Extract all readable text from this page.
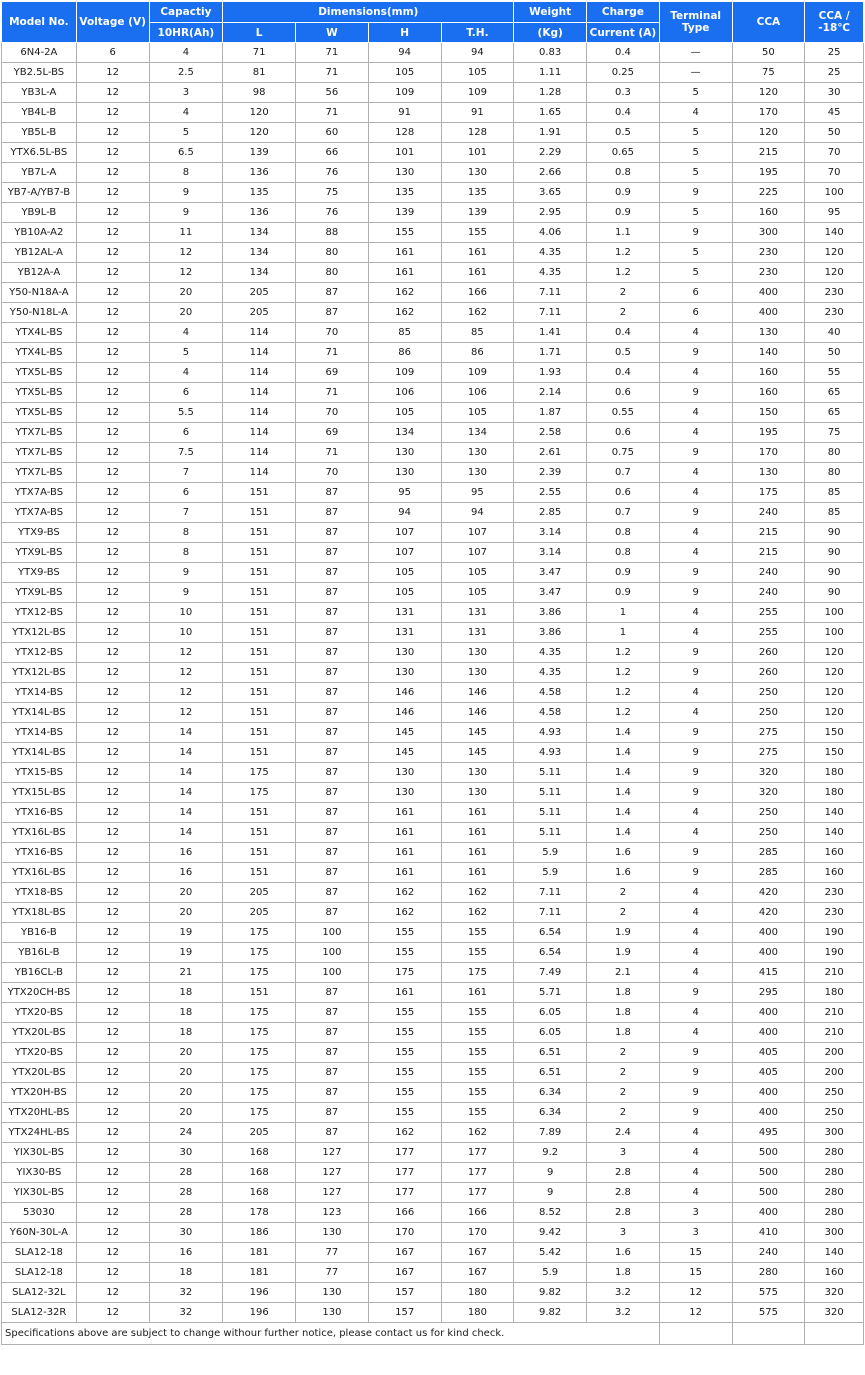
Model No.	Voltage (V)	Capactiy	Dimensions(mm)				Weight	Charge	Terminal Type	CCA	CCA / -18℃
		10HR(Ah)	L	W	H	T.H.	(Kg)	Current (A)			
6N4-2A	6	4	71	71	94	94	0.83	0.4	—	50	25
YB2.5L-BS	12	2.5	81	71	105	105	1.11	0.25	—	75	25
YB3L-A	12	3	98	56	109	109	1.28	0.3	5	120	30
YB4L-B	12	4	120	71	91	91	1.65	0.4	4	170	45
YB5L-B	12	5	120	60	128	128	1.91	0.5	5	120	50
YTX6.5L-BS	12	6.5	139	66	101	101	2.29	0.65	5	215	70
YB7L-A	12	8	136	76	130	130	2.66	0.8	5	195	70
YB7-A/YB7-B	12	9	135	75	135	135	3.65	0.9	9	225	100
YB9L-B	12	9	136	76	139	139	2.95	0.9	5	160	95
YB10A-A2	12	11	134	88	155	155	4.06	1.1	9	300	140
YB12AL-A	12	12	134	80	161	161	4.35	1.2	5	230	120
YB12A-A	12	12	134	80	161	161	4.35	1.2	5	230	120
Y50-N18A-A	12	20	205	87	162	166	7.11	2	6	400	230
Y50-N18L-A	12	20	205	87	162	162	7.11	2	6	400	230
YTX4L-BS	12	4	114	70	85	85	1.41	0.4	4	130	40
YTX4L-BS	12	5	114	71	86	86	1.71	0.5	9	140	50
YTX5L-BS	12	4	114	69	109	109	1.93	0.4	4	160	55
YTX5L-BS	12	6	114	71	106	106	2.14	0.6	9	160	65
YTX5L-BS	12	5.5	114	70	105	105	1.87	0.55	4	150	65
YTX7L-BS	12	6	114	69	134	134	2.58	0.6	4	195	75
YTX7L-BS	12	7.5	114	71	130	130	2.61	0.75	9	170	80
YTX7L-BS	12	7	114	70	130	130	2.39	0.7	4	130	80
YTX7A-BS	12	6	151	87	95	95	2.55	0.6	4	175	85
YTX7A-BS	12	7	151	87	94	94	2.85	0.7	9	240	85
YTX9-BS	12	8	151	87	107	107	3.14	0.8	4	215	90
YTX9L-BS	12	8	151	87	107	107	3.14	0.8	4	215	90
YTX9-BS	12	9	151	87	105	105	3.47	0.9	9	240	90
YTX9L-BS	12	9	151	87	105	105	3.47	0.9	9	240	90
YTX12-BS	12	10	151	87	131	131	3.86	1	4	255	100
YTX12L-BS	12	10	151	87	131	131	3.86	1	4	255	100
YTX12-BS	12	12	151	87	130	130	4.35	1.2	9	260	120
YTX12L-BS	12	12	151	87	130	130	4.35	1.2	9	260	120
YTX14-BS	12	12	151	87	146	146	4.58	1.2	4	250	120
YTX14L-BS	12	12	151	87	146	146	4.58	1.2	4	250	120
YTX14-BS	12	14	151	87	145	145	4.93	1.4	9	275	150
YTX14L-BS	12	14	151	87	145	145	4.93	1.4	9	275	150
YTX15-BS	12	14	175	87	130	130	5.11	1.4	9	320	180
YTX15L-BS	12	14	175	87	130	130	5.11	1.4	9	320	180
YTX16-BS	12	14	151	87	161	161	5.11	1.4	4	250	140
YTX16L-BS	12	14	151	87	161	161	5.11	1.4	4	250	140
YTX16-BS	12	16	151	87	161	161	5.9	1.6	9	285	160
YTX16L-BS	12	16	151	87	161	161	5.9	1.6	9	285	160
YTX18-BS	12	20	205	87	162	162	7.11	2	4	420	230
YTX18L-BS	12	20	205	87	162	162	7.11	2	4	420	230
YB16-B	12	19	175	100	155	155	6.54	1.9	4	400	190
YB16L-B	12	19	175	100	155	155	6.54	1.9	4	400	190
YB16CL-B	12	21	175	100	175	175	7.49	2.1	4	415	210
YTX20CH-BS	12	18	151	87	161	161	5.71	1.8	9	295	180
YTX20-BS	12	18	175	87	155	155	6.05	1.8	4	400	210
YTX20L-BS	12	18	175	87	155	155	6.05	1.8	4	400	210
YTX20-BS	12	20	175	87	155	155	6.51	2	9	405	200
YTX20L-BS	12	20	175	87	155	155	6.51	2	9	405	200
YTX20H-BS	12	20	175	87	155	155	6.34	2	9	400	250
YTX20HL-BS	12	20	175	87	155	155	6.34	2	9	400	250
YTX24HL-BS	12	24	205	87	162	162	7.89	2.4	4	495	300
YIX30L-BS	12	30	168	127	177	177	9.2	3	4	500	280
YIX30-BS	12	28	168	127	177	177	9	2.8	4	500	280
YIX30L-BS	12	28	168	127	177	177	9	2.8	4	500	280
53030	12	28	178	123	166	166	8.52	2.8	3	400	280
Y60N-30L-A	12	30	186	130	170	170	9.42	3	3	410	300
SLA12-18	12	16	181	77	167	167	5.42	1.6	15	240	140
SLA12-18	12	18	181	77	167	167	5.9	1.8	15	280	160
SLA12-32L	12	32	196	130	157	180	9.82	3.2	12	575	320
SLA12-32R	12	32	196	130	157	180	9.82	3.2	12	575	320
Specifications above are subject to change withour further notice, please contact us for kind check.											
